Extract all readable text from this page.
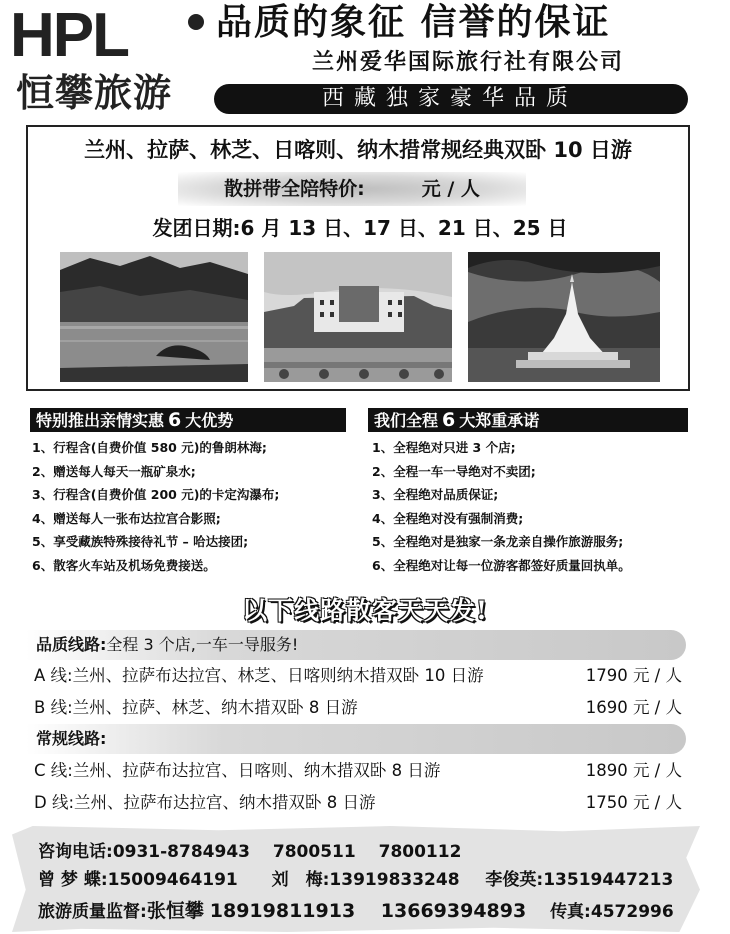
HPL
恒攀旅游
品质的象征 信誉的保证
兰州爱华国际旅行社有限公司
西藏独家豪华品质
兰州、拉萨、林芝、日喀则、纳木措常规经典双卧 10 日游
散拼带全陪特价:　　　元 / 人
发团日期:6 月 13 日、17 日、21 日、25 日
特别推出亲情实惠 6 大优势
1、行程含(自费价值 580 元)的鲁朗林海;
2、赠送每人每天一瓶矿泉水;
3、行程含(自费价值 200 元)的卡定沟瀑布;
4、赠送每人一张布达拉宫合影照;
5、享受藏族特殊接待礼节 – 哈达接团;
6、散客火车站及机场免费接送。
我们全程 6 大郑重承诺
1、全程绝对只进 3 个店;
2、全程一车一导绝对不卖团;
3、全程绝对品质保证;
4、全程绝对没有强制消费;
5、全程绝对是独家一条龙亲自操作旅游服务;
6、全程绝对让每一位游客都签好质量回执单。
以下线路散客天天发!
品质线路:全程 3 个店,一车一导服务!
A 线:兰州、拉萨布达拉宫、林芝、日喀则纳木措双卧 10 日游	1790 元 / 人
B 线:兰州、拉萨、林芝、纳木措双卧 8 日游	1690 元 / 人
常规线路:
C 线:兰州、拉萨布达拉宫、日喀则、纳木措双卧 8 日游	1890 元 / 人
D 线:兰州、拉萨布达拉宫、纳木措双卧 8 日游	1750 元 / 人
咨询电话:0931-8784943　 7800511　 7800112
曾 梦 蝶:15009464191 刘　梅:13919833248 李俊英:13519447213
旅游质量监督:张恒攀 18919811913　 13669394893 传真:4572996
